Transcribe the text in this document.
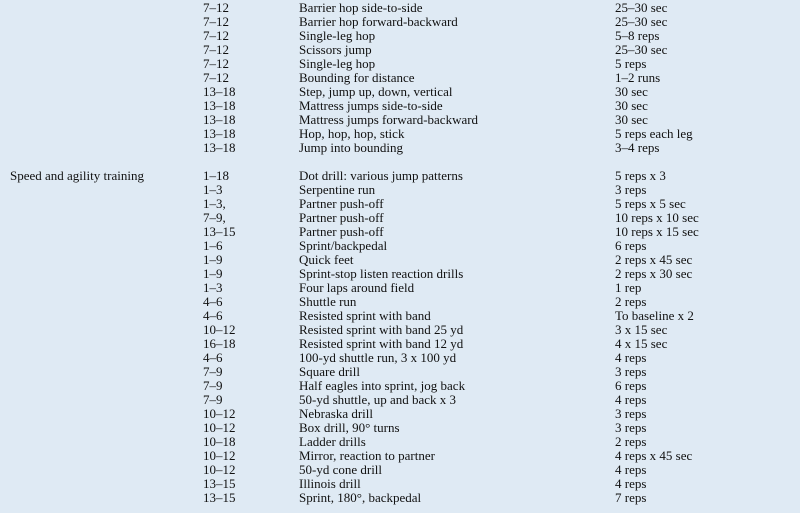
7–12	Barrier hop side-to-side	25–30 sec
7–12	Barrier hop forward-backward	25–30 sec
7–12	Single-leg hop	5–8 reps
7–12	Scissors jump	25–30 sec
7–12	Single-leg hop	5 reps
7–12	Bounding for distance	1–2 runs
13–18	Step, jump up, down, vertical	30 sec
13–18	Mattress jumps side-to-side	30 sec
13–18	Mattress jumps forward-backward	30 sec
13–18	Hop, hop, hop, stick	5 reps each leg
13–18	Jump into bounding	3–4 reps
Speed and agility training	1–18	Dot drill: various jump patterns	5 reps x 3
1–3	Serpentine run	3 reps
1–3,	Partner push-off	5 reps x 5 sec
7–9,	Partner push-off	10 reps x 10 sec
13–15	Partner push-off	10 reps x 15 sec
1–6	Sprint/backpedal	6 reps
1–9	Quick feet	2 reps x 45 sec
1–9	Sprint-stop listen reaction drills	2 reps x 30 sec
1–3	Four laps around field	1 rep
4–6	Shuttle run	2 reps
4–6	Resisted sprint with band	To baseline x 2
10–12	Resisted sprint with band 25 yd	3 x 15 sec
16–18	Resisted sprint with band 12 yd	4 x 15 sec
4–6	100-yd shuttle run, 3 x 100 yd	4 reps
7–9	Square drill	3 reps
7–9	Half eagles into sprint, jog back	6 reps
7–9	50-yd shuttle, up and back x 3	4 reps
10–12	Nebraska drill	3 reps
10–12	Box drill, 90° turns	3 reps
10–18	Ladder drills	2 reps
10–12	Mirror, reaction to partner	4 reps x 45 sec
10–12	50-yd cone drill	4 reps
13–15	Illinois drill	4 reps
13–15	Sprint, 180°, backpedal	7 reps
